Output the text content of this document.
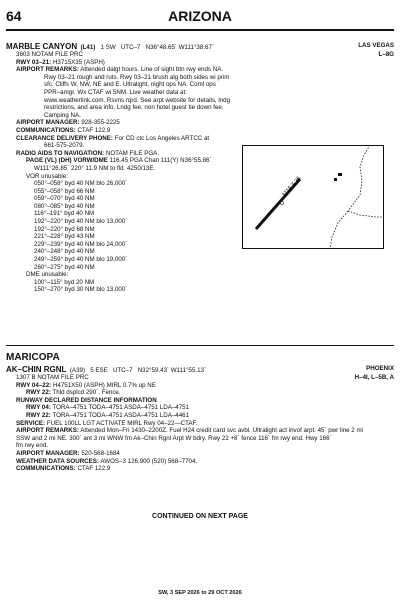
64	ARIZONA
MARBLE CANYON (L41) 1 SW UTC–7 N36°48.65´ W111°38.67´	LAS VEGAS
3603 NOTAM FILE PRC	L–8G
RWY 03–21: H3715X35 (ASPH)
AIRPORT REMARKS: Attended dalgt hours. Line of sight btn rwy ends NA.
Rwy 03–21 rough and ruts. Rwy 03–21 brush alg both sides wi prim
sfc. Cliffs W, NW, NE and E. Ultralight, night ops NA. Coml ops
PPR–amgr. Wx CTAF wi 5NM. Live weather data at:
www.weatherlink.com. Rsvns rqrd. See arpt website for details, lndg
restrictions, and area info. Lndg fee; non hotel guest tie down fee.
Camping NA.
AIRPORT MANAGER: 928-355-2225
COMMUNICATIONS: CTAF 122.9
CLEARANCE DELIVERY PHONE: For CD ctc Los Angeles ARTCC at
661-575-2079.
RADIO AIDS TO NAVIGATION: NOTAM FILE PGA.
PAGE (VL) (DH) VORW/DME 116.45 PGA Chan 111(Y) N36°55.86´
W111°26.85´ 220° 11.9 NM to fld. 4250/13E.
VOR unusable:
050°–058° byd 40 NM blo 26,000´
055°–058° byd 66 NM
059°–070° byd 40 NM
080°–085° byd 40 NM
116°–191° byd 40 NM
192°–220° byd 40 NM blo 13,000´
192°–220° byd 68 NM
221°–228° byd 43 NM
229°–239° byd 40 NM blo 24,000´
240°–248° byd 40 NM
249°–259° byd 40 NM blo 19,000´
260°–275° byd 40 NM
DME unusable:
100°–115° byd 20 NM
150°–270° byd 30 NM blo 13,000´
3715 X 35
MARICOPA
AK–CHIN RGNL (A39) 5 ESE UTC–7 N32°59.43´ W111°55.13´	PHOENIX
1307 B NOTAM FILE PRC	H–4I, L–5B, A
RWY 04–22: H4751X50 (ASPH) MIRL 0.7% up NE
RWY 22: Thld dsplcd 290´. Fence.
RUNWAY DECLARED DISTANCE INFORMATION
RWY 04: TORA–4751 TODA–4751 ASDA–4751 LDA–4751
RWY 22: TORA–4751 TODA–4751 ASDA–4751 LDA–4461
SERVICE: FUEL 100LL LGT ACTIVATE MIRL Rwy 04–22—CTAF.
AIRPORT REMARKS: Attended Mon–Fri 1430–2200Z. Fuel H24 credit card svc avbl. Ultralight act invof arpt. 45´ pwr line 2 mi
SSW and 2 mi NE. 300´ ant 3 mi WNW fm Ak–Chin Rgnl Arpt W bdry. Rwy 22 +8´ fence 116´ fm rwy end. Hwy 166´
fm rwy end.
AIRPORT MANAGER: 520-568-1684
WEATHER DATA SOURCES: AWOS–3 126.900 (520) 568–7704.
COMMUNICATIONS: CTAF 122.9
CONTINUED ON NEXT PAGE
SW, 3 SEP 2026 to 29 OCT 2026
